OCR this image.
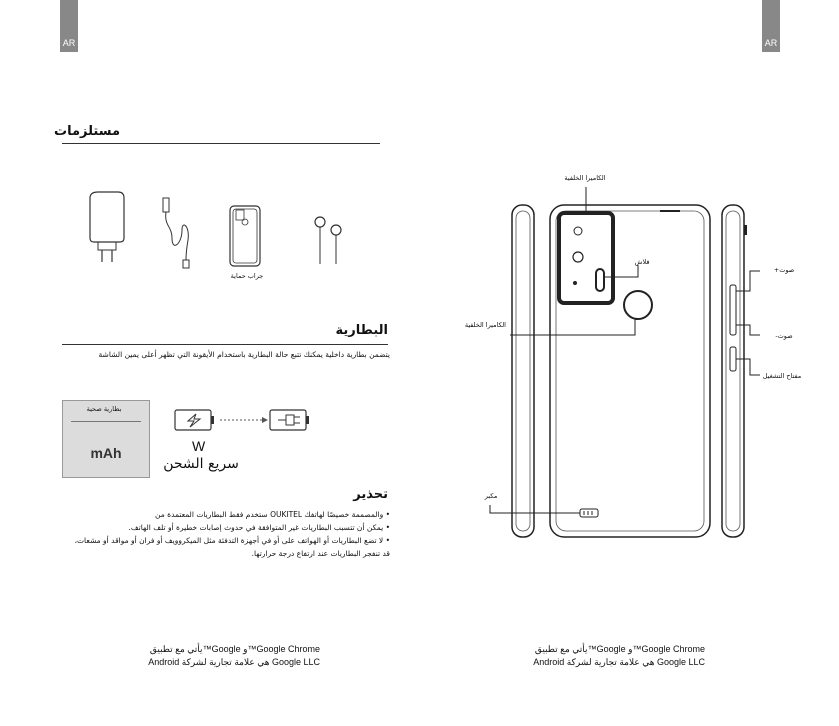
AR	AR
مستلزمات
جراب حماية
البطارية
يتضمن بطارية داخلية يمكنك تتبع حالة البطارية باستخدام الأيقونة التي تظهر أعلى يمين الشاشة
بطارية صحية
mAh	W
سريع الشحن
تحذير
• والمصممة خصيصًا لهاتفك OUKITEL ستخدم فقط البطاريات المعتمدة من
• يمكن أن تتسبب البطاريات غير المتوافقة في حدوث إصابات خطيرة أو تلف الهاتف.
• لا تضع البطاريات أو الهواتف على أو في أجهزة التدفئة مثل الميكروويف أو فران أو مواقد أو مشعات،
قد تنفجر البطاريات عند ارتفاع درجة حرارتها.
يأتي مع تطبيق™Google و™Google Chrome
Android هي علامة تجارية لشركة Google LLC
الكاميرا الخلفية
فلاش
الكاميرا الخلفية
صوت+
صوت-
مفتاح التشغيل
مكبر
يأتي مع تطبيق™Google و™Google Chrome
Android هي علامة تجارية لشركة Google LLC
